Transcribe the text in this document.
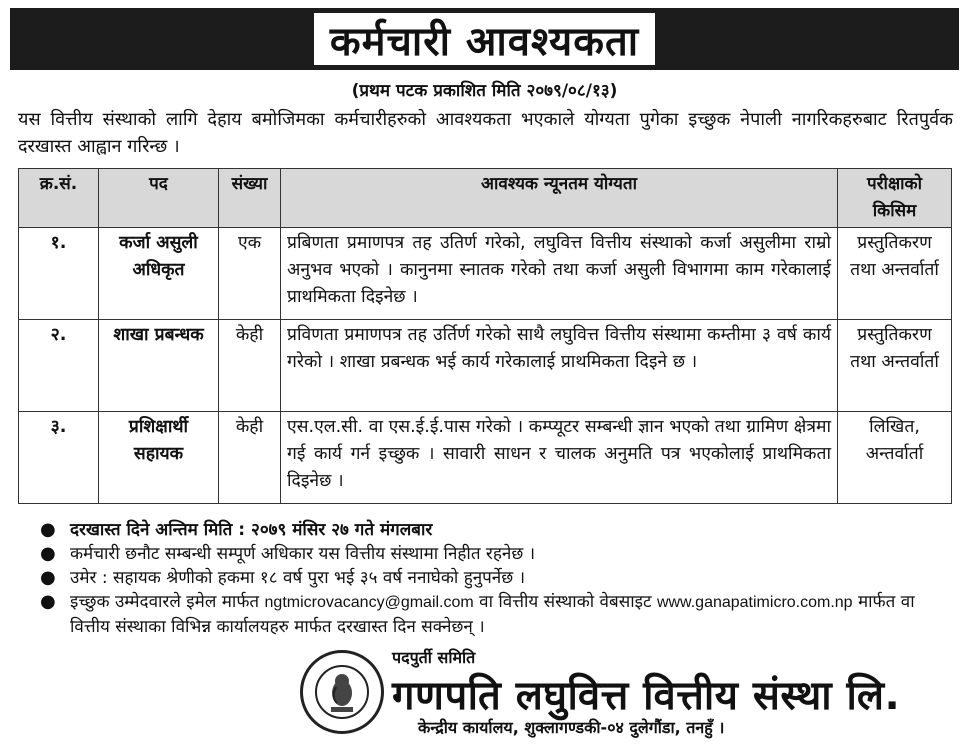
कर्मचारी आवश्यकता
(प्रथम पटक प्रकाशित मिति २०७९/०८/१३)
यस वित्तीय संस्थाको लागि देहाय बमोजिमका कर्मचारीहरुको आवश्यकता भएकाले योग्यता पुगेका इच्छुक नेपाली नागरिकहरुबाट रितपुर्वक दरखास्त आह्वान गरिन्छ ।
क्र.सं.	पद	संख्या	आवश्यक न्यूनतम योग्यता	परीक्षाको किसिम
१.	कर्जा असुली अधिकृत	एक	प्रबिणता प्रमाणपत्र तह उतिर्ण गरेको, लघुवित्त वित्तीय संस्थाको कर्जा असुलीमा राम्रो अनुभव भएको । कानुनमा स्नातक गरेको तथा कर्जा असुली विभागमा काम गरेकालाई प्राथमिकता दिइनेछ ।	प्रस्तुतिकरण तथा अन्तर्वार्ता
२.	शाखा प्रबन्धक	केही	प्रविणता प्रमाणपत्र तह उर्तिर्ण गरेको साथै लघुवित्त वित्तीय संस्थामा कम्तीमा ३ वर्ष कार्य गरेको । शाखा प्रबन्धक भई कार्य गरेकालाई प्राथमिकता दिइने छ ।	प्रस्तुतिकरण तथा अन्तर्वार्ता
३.	प्रशिक्षार्थी सहायक	केही	एस.एल.सी. वा एस.ई.ई.पास गरेको । कम्प्यूटर सम्बन्धी ज्ञान भएको तथा ग्रामिण क्षेत्रमा गई कार्य गर्न इच्छुक । सावारी साधन र चालक अनुमति पत्र भएकोलाई प्राथमिकता दिइनेछ ।	लिखित, अन्तर्वार्ता
● दरखास्त दिने अन्तिम मिति : २०७९ मंसिर २७ गते मंगलबार
● कर्मचारी छनौट सम्बन्धी सम्पूर्ण अधिकार यस वित्तीय संस्थामा निहीत रहनेछ ।
● उमेर : सहायक श्रेणीको हकमा १८ वर्ष पुरा भई ३५ वर्ष ननाघेको हुनुपर्नेछ ।
● इच्छुक उम्मेदवारले इमेल मार्फत ngtmicrovacancy@gmail.com वा वित्तीय संस्थाको वेबसाइट www.ganapatimicro.com.np मार्फत वा वित्तीय संस्थाका विभिन्न कार्यालयहरु मार्फत दरखास्त दिन सक्नेछन् ।
पदपुर्ती समिति
गणपति लघुवित्त वित्तीय संस्था लि.
केन्द्रीय कार्यालय, शुक्लागण्डकी-०४ दुलेगौंडा, तनहुँ ।
